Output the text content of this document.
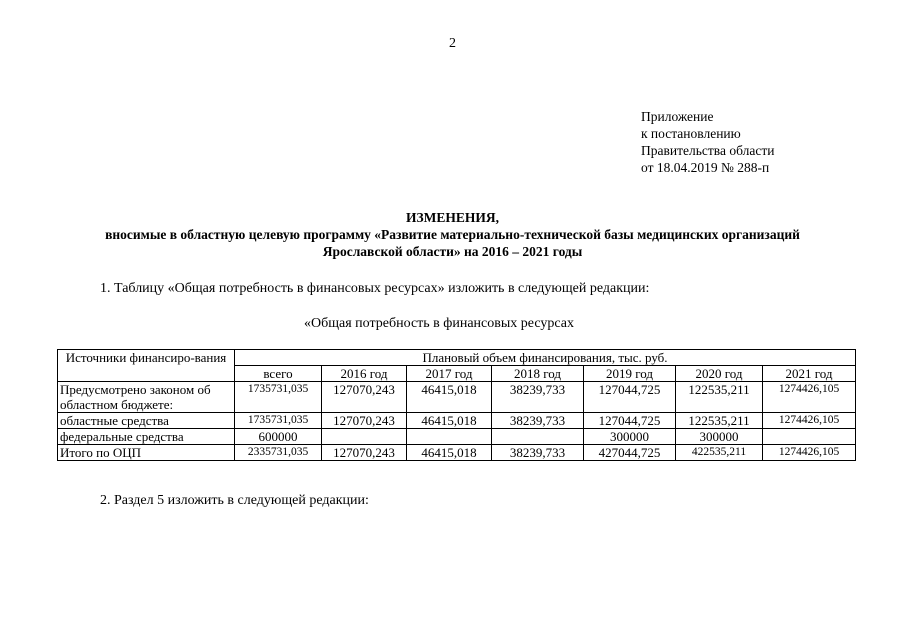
2
Приложение
к постановлению
Правительства области
от 18.04.2019 № 288-п
ИЗМЕНЕНИЯ,
вносимые в областную целевую программу «Развитие материально-технической базы медицинских организаций
Ярославской области» на 2016 – 2021 годы
1. Таблицу «Общая потребность в финансовых ресурсах» изложить в следующей редакции:
«Общая потребность в финансовых ресурсах
Источники финансиро-вания	Плановый объем финансирования, тыс. руб.						
	всего	2016 год	2017 год	2018 год	2019 год	2020 год	2021 год
Предусмотрено законом об областном бюджете:	1735731,035	127070,243	46415,018	38239,733	127044,725	122535,211	1274426,105
областные средства	1735731,035	127070,243	46415,018	38239,733	127044,725	122535,211	1274426,105
федеральные средства	600000				300000	300000	
Итого по ОЦП	2335731,035	127070,243	46415,018	38239,733	427044,725	422535,211	1274426,105
2. Раздел 5 изложить в следующей редакции:
